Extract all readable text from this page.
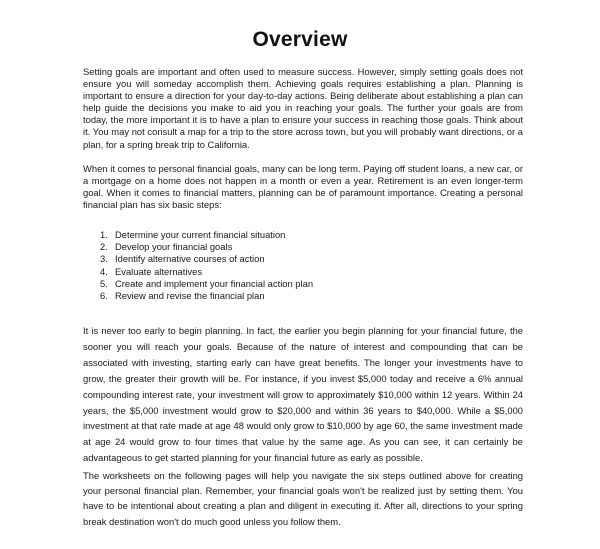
Overview

Setting goals are important and often used to measure success. However, simply setting goals does not ensure you will someday accomplish them. Achieving goals requires establishing a plan. Planning is important to ensure a direction for your day-to-day actions. Being deliberate about establishing a plan can help guide the decisions you make to aid you in reaching your goals. The further your goals are from today, the more important it is to have a plan to ensure your success in reaching those goals. Think about it. You may not consult a map for a trip to the store across town, but you will probably want directions, or a plan, for a spring break trip to California.

When it comes to personal financial goals, many can be long term. Paying off student loans, a new car, or a mortgage on a home does not happen in a month or even a year. Retirement is an even longer-term goal. When it comes to financial matters, planning can be of paramount importance. Creating a personal financial plan has six basic steps:

1. Determine your current financial situation
2. Develop your financial goals
3. Identify alternative courses of action
4. Evaluate alternatives
5. Create and implement your financial action plan
6. Review and revise the financial plan

It is never too early to begin planning. In fact, the earlier you begin planning for your financial future, the sooner you will reach your goals. Because of the nature of interest and compounding that can be associated with investing, starting early can have great benefits. The longer your investments have to grow, the greater their growth will be. For instance, if you invest $5,000 today and receive a 6% annual compounding interest rate, your investment will grow to approximately $10,000 within 12 years. Within 24 years, the $5,000 investment would grow to $20,000 and within 36 years to $40,000. While a $5,000 investment at that rate made at age 48 would only grow to $10,000 by age 60, the same investment made at age 24 would grow to four times that value by the same age. As you can see, it can certainly be advantageous to get started planning for your financial future as early as possible.

The worksheets on the following pages will help you navigate the six steps outlined above for creating your personal financial plan. Remember, your financial goals won't be realized just by setting them. You have to be intentional about creating a plan and diligent in executing it. After all, directions to your spring break destination won't do much good unless you follow them.
